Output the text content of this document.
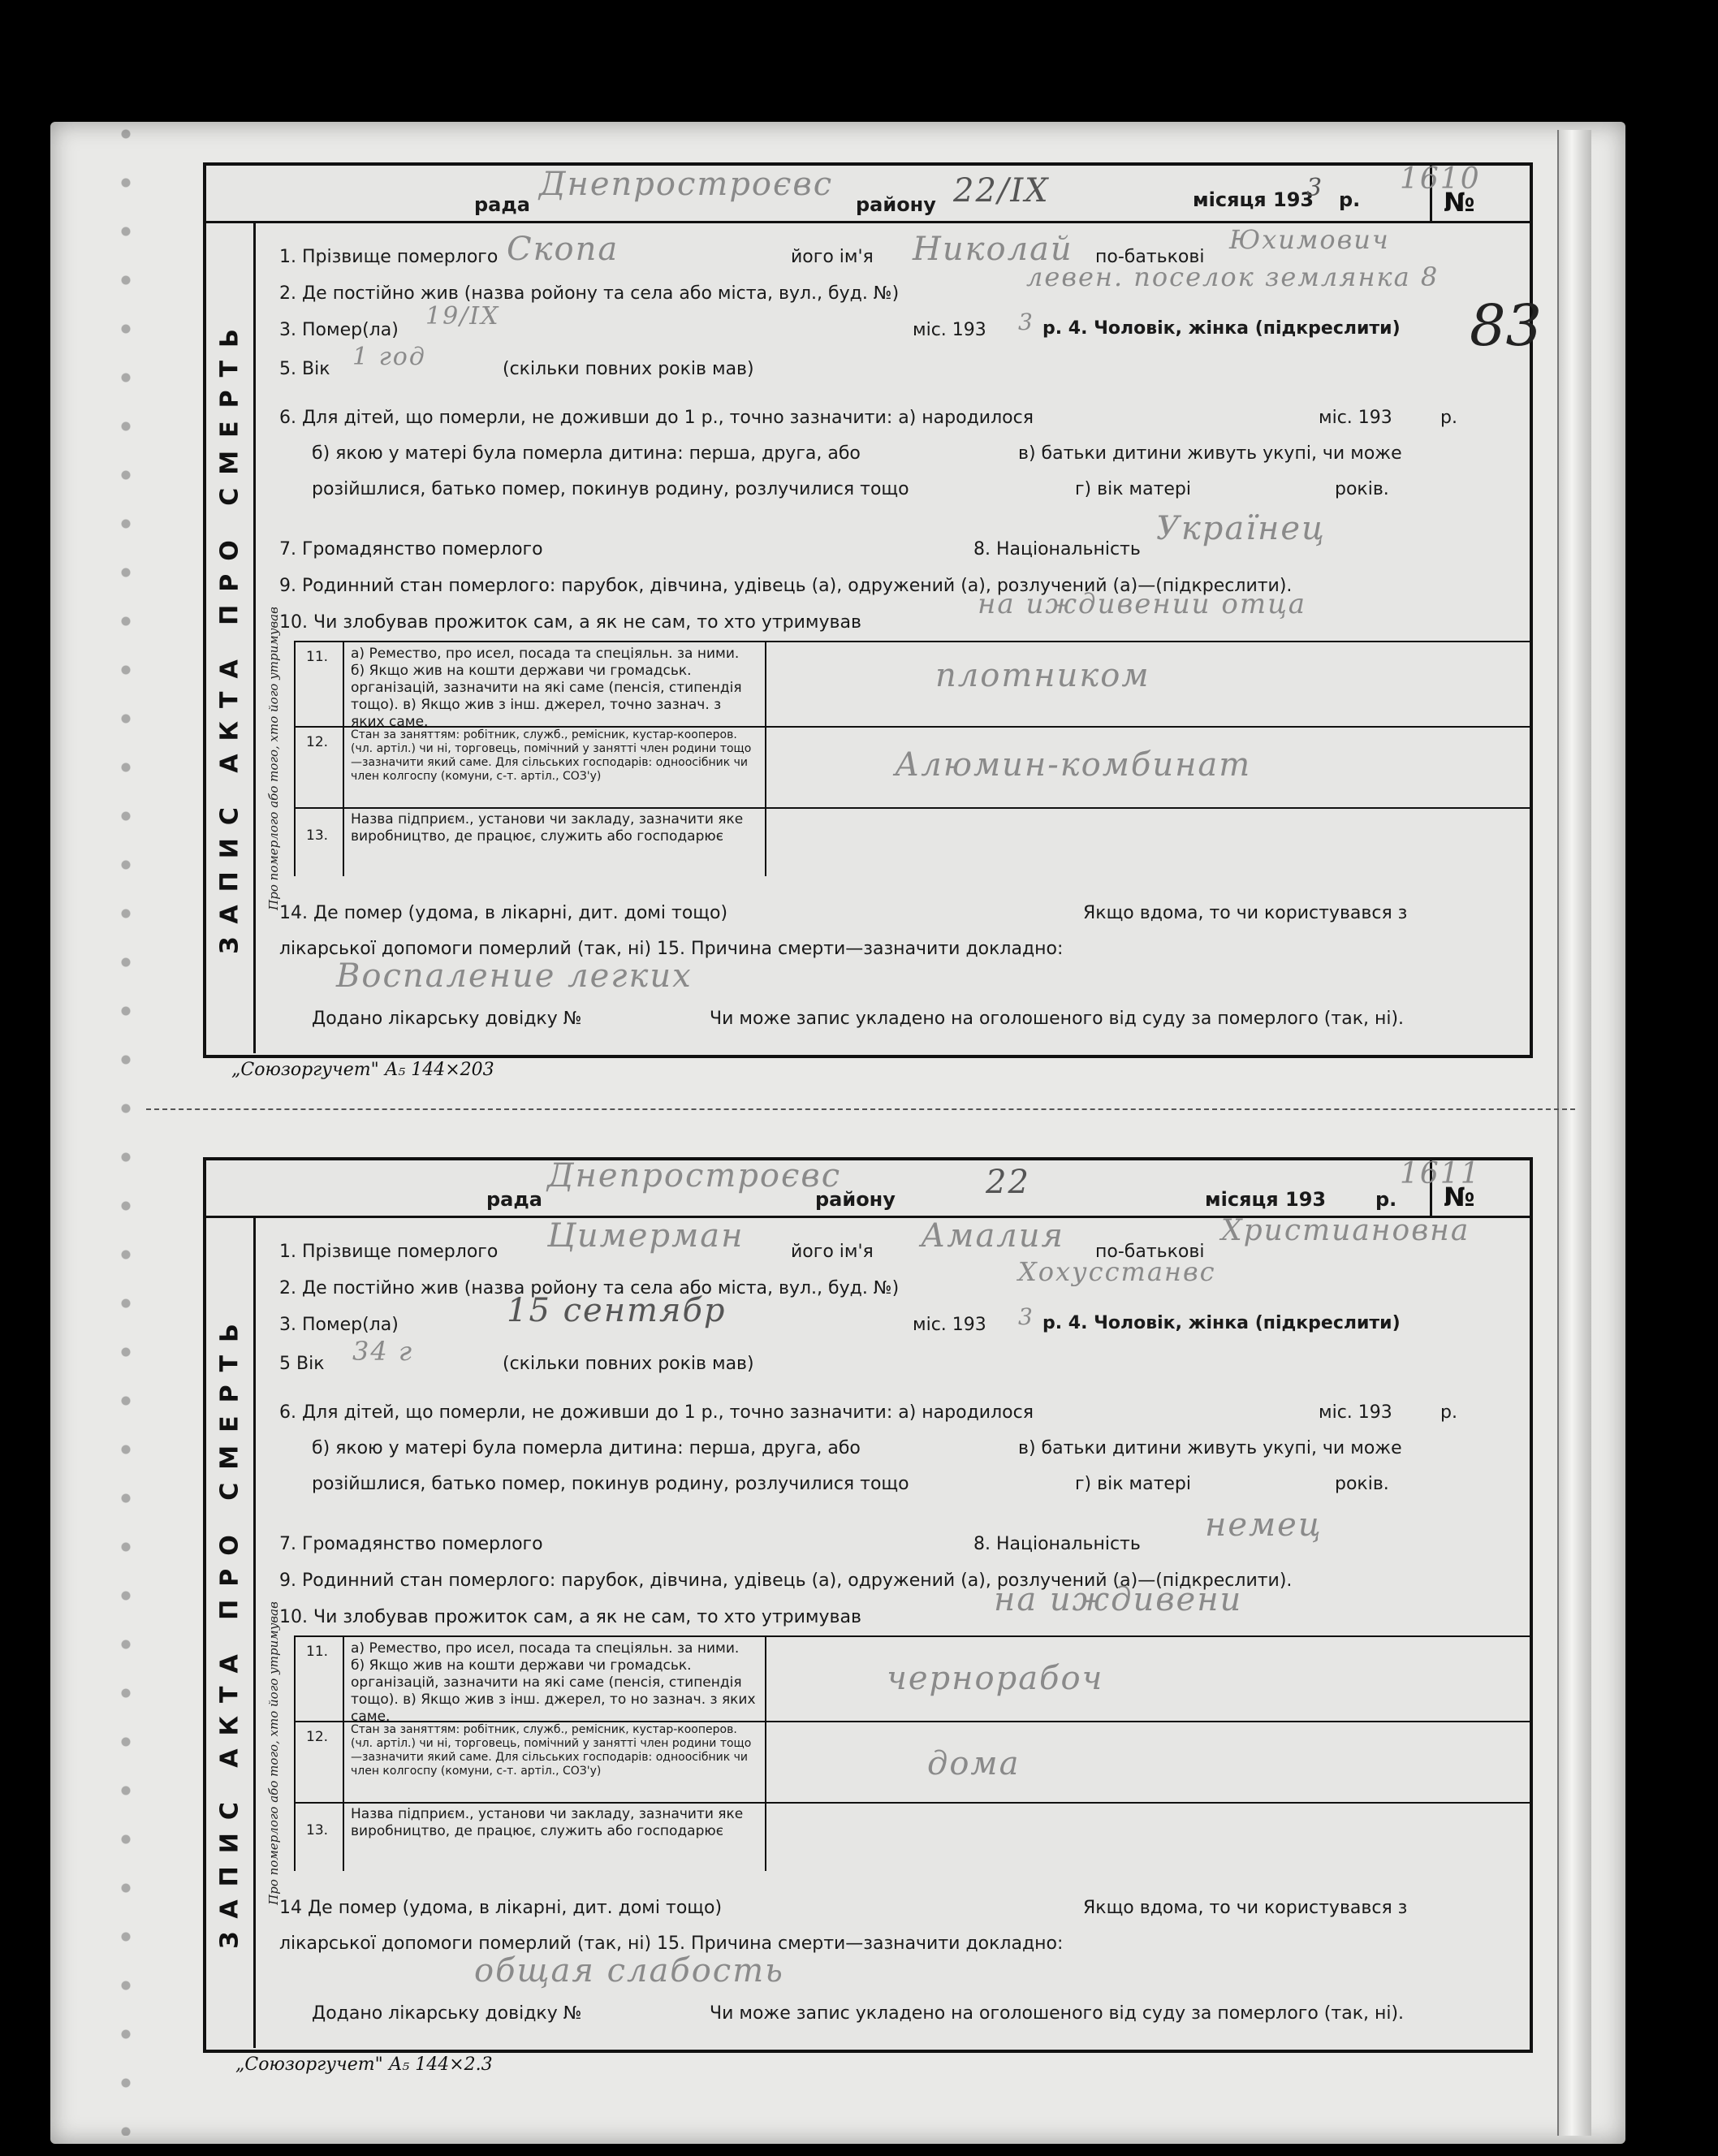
рада
Днепростроєвс
району 22/IX	місяця 193
3 р.	№
1610
ЗАПИС АКТА ПРО СМЕРТЬ
1. Прізвище померлого Скопа	його ім'я Николай по-батькові
Юхимович
2. Де постійно жив (назва ройону та села або міста, вул., буд. №)
левен. поселок землянка 8
3. Помер(ла) 19/IX	міс. 193 3 р. 4. Чоловік, жінка (підкреслити)
5. Вік 1 год	(скільки повних років мав)
6. Для дітей, що померли, не доживши до 1 р., точно зазначити: а) народилося	міс. 193	р.
б) якою у матері була померла дитина: перша, друга, або	в) батьки дитини живуть укупі, чи може
розійшлися, батько помер, покинув родину, розлучилися тощо	г) вік матері	років.
7. Громадянство померлого	8. Національність
Українец
9. Родинний стан померлого: парубок, дівчина, удівець (а), одружений (а), розлучений (а)—(підкреслити).
10. Чи злобував прожиток сам, а як не сам, то хто утримував
на иждивении отца
Про померлого або того, хто його утримував 11. а) Ремество, про исел, посада та спеціяльн. за ними. б) Якщо жив на кошти держави чи громадськ. організацій, зазначити на які саме (пенсія, стипендія тощо). в) Якщо жив з інш. джерел, точно зазнач. з яких саме.
плотником
12. Стан за заняттям: робітник, служб., ремісник, кустар-кооперов. (чл. артіл.) чи ні, торговець, помічний у занятті член родини тощо—зазначити який саме. Для сільських господарів: одноосібник чи член колгоспу (комуни, с-т. артіл., СОЗ'у)	Алюмин-комбинат
13.
Назва підприєм., установи чи закладу, зазначити яке виробництво, де працює, служить або господарює
14. Де помер (удома, в лікарні, дит. домі тощо)	Якщо вдома, то чи користувався з
лікарської допомоги померлий (так, ні) 15. Причина смерти—зазначити докладно:
Воспаление легких
Додано лікарську довідку №	Чи може запис укладено на оголошеного від суду за померлого (так, ні).
„Союзоргучет" А₅ 144×203
83
рада
Днепростроєвс
району	22	місяця 193	р. №
1611
ЗАПИС АКТА ПРО СМЕРТЬ
1. Прізвище померлого Цимерман	його ім'я Амалия по-батькові
Христиановна
2. Де постійно жив (назва ройону та села або міста, вул., буд. №)
Хохусстанвс
3. Помер(ла)	15 сентябр	міс. 193 3 р. 4. Чоловік, жінка (підкреслити)
5 Вік 34 г	(скільки повних років мав)
6. Для дітей, що померли, не доживши до 1 р., точно зазначити: а) народилося	міс. 193	р.
б) якою у матері була померла дитина: перша, друга, або	в) батьки дитини живуть укупі, чи може
розійшлися, батько помер, покинув родину, розлучилися тощо	г) вік матері	років.
7. Громадянство померлого	8. Національність
немец
9. Родинний стан померлого: парубок, дівчина, удівець (а), одружений (а), розлучений (а)—(підкреслити).
10. Чи злобував прожиток сам, а як не сам, то хто утримував	на иждивени
Про померлого або того, хто його утримував 11. а) Ремество, про исел, посада та спеціяльн. за ними. б) Якщо жив на кошти держави чи громадськ. організацій, зазначити на які саме (пенсія, стипендія тощо). в) Якщо жив з інш. джерел, то но зазнач. з яких саме.
чернорабоч
12. Стан за заняттям: робітник, служб., ремісник, кустар-кооперов. (чл. артіл.) чи ні, торговець, помічний у занятті член родини тощо—зазначити який саме. Для сільських господарів: одноосібник чи член колгоспу (комуни, с-т. артіл., СОЗ'у)	дома
13.
Назва підприєм., установи чи закладу, зазначити яке виробництво, де працює, служить або господарює
14 Де помер (удома, в лікарні, дит. домі тощо)	Якщо вдома, то чи користувався з
лікарської допомоги померлий (так, ні) 15. Причина смерти—зазначити докладно:
общая слабость
Додано лікарську довідку №	Чи може запис укладено на оголошеного від суду за померлого (так, ні).
„Союзоргучет" А₅ 144×2.3
